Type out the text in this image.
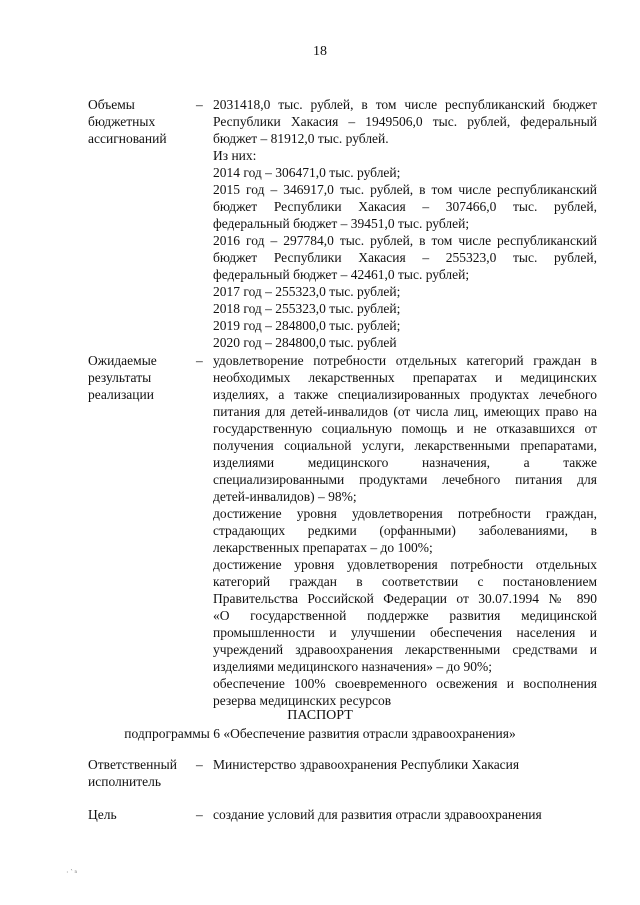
18
Объемы
бюджетных
ассигнований
– 2031418,0 тыс. рублей, в том числе республиканский бюджет
Республики Хакасия – 1949506,0 тыс. рублей, федеральный
бюджет – 81912,0 тыс. рублей.
Из них:
2014 год – 306471,0 тыс. рублей;
2015 год – 346917,0 тыс. рублей, в том числе республиканский
бюджет Республики Хакасия – 307466,0 тыс. рублей,
федеральный бюджет – 39451,0 тыс. рублей;
2016 год – 297784,0 тыс. рублей, в том числе республиканский
бюджет Республики Хакасия – 255323,0 тыс. рублей,
федеральный бюджет – 42461,0 тыс. рублей;
2017 год – 255323,0 тыс. рублей;
2018 год – 255323,0 тыс. рублей;
2019 год – 284800,0 тыс. рублей;
2020 год – 284800,0 тыс. рублей
Ожидаемые
результаты
реализации
– удовлетворение потребности отдельных категорий граждан в
необходимых лекарственных препаратах и медицинских
изделиях, а также специализированных продуктах лечебного
питания для детей-инвалидов (от числа лиц, имеющих право на
государственную социальную помощь и не отказавшихся от
получения социальной услуги, лекарственными препаратами,
изделиями медицинского назначения, а также
специализированными продуктами лечебного питания для
детей-инвалидов) – 98%;
достижение уровня удовлетворения потребности граждан,
страдающих редкими (орфанными) заболеваниями, в
лекарственных препаратах – до 100%;
достижение уровня удовлетворения потребности отдельных
категорий граждан в соответствии с постановлением
Правительства Российской Федерации от 30.07.1994 № 890
«О государственной поддержке развития медицинской
промышленности и улучшении обеспечения населения и
учреждений здравоохранения лекарственными средствами и
изделиями медицинского назначения» – до 90%;
обеспечение 100% своевременного освежения и восполнения
резерва медицинских ресурсов
ПАСПОРТ
подпрограммы 6 «Обеспечение развития отрасли здравоохранения»
Ответственный
исполнитель
– Министерство здравоохранения Республики Хакасия
Цель	– создание условий для развития отрасли здравоохранения
· ‵ ⁿ
